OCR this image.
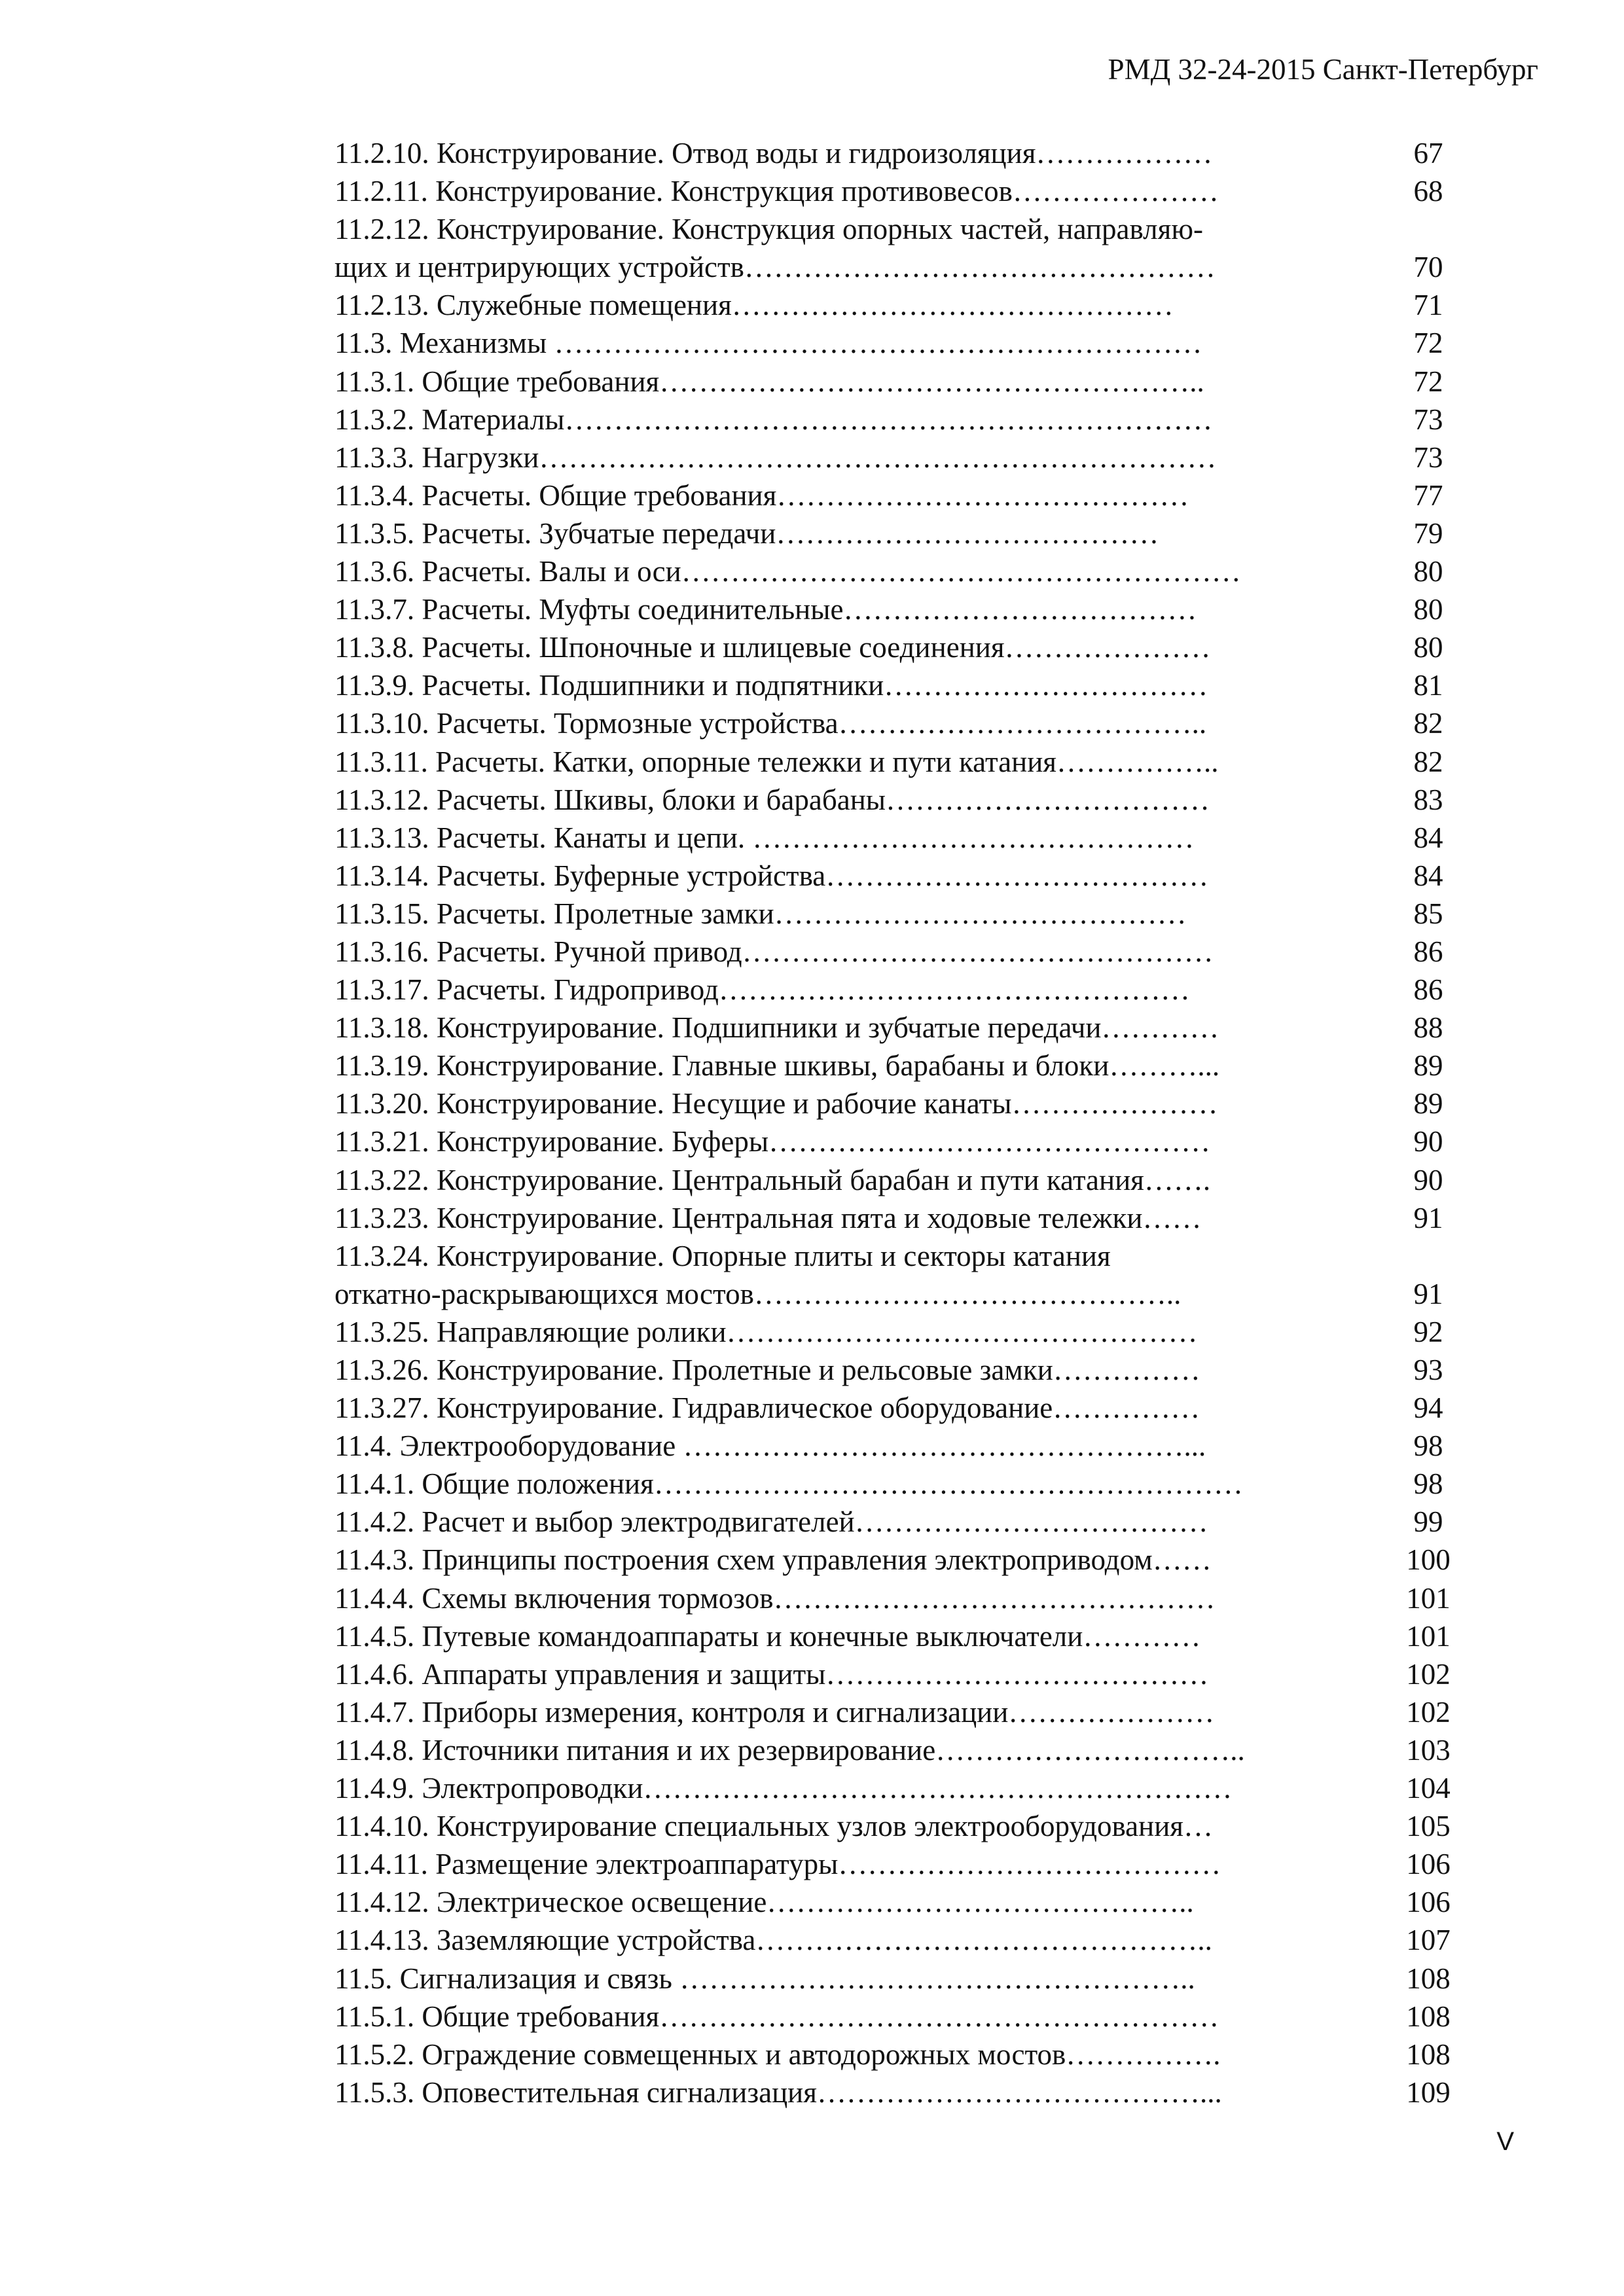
РМД 32-24-2015 Санкт-Петербург
11.2.10. Конструирование. Отвод воды и гидроизоляция………………	67
11.2.11. Конструирование. Конструкция противовесов…………………	68
11.2.12. Конструирование. Конструкция опорных частей, направляю-
щих и центрирующих устройств…………………………………………	70
11.2.13. Служебные помещения………………………………………	71
11.3. Механизмы …………………………………………………………	72
11.3.1. Общие требования………………………………………………..	72
11.3.2. Материалы…………………………………………………………	73
11.3.3. Нагрузки……………………………………………………………	73
11.3.4. Расчеты. Общие требования……………………………………	77
11.3.5. Расчеты. Зубчатые передачи…………………………………	79
11.3.6. Расчеты. Валы и оси…………………………………………………	80
11.3.7. Расчеты. Муфты соединительные………………………………	80
11.3.8. Расчеты. Шпоночные и шлицевые соединения…………………	80
11.3.9. Расчеты. Подшипники и подпятники……………………………	81
11.3.10. Расчеты. Тормозные устройства………………………………..	82
11.3.11. Расчеты. Катки, опорные тележки и пути катания……………..	82
11.3.12. Расчеты. Шкивы, блоки и барабаны……………………………	83
11.3.13. Расчеты. Канаты и цепи. ………………………………………	84
11.3.14. Расчеты. Буферные устройства…………………………………	84
11.3.15. Расчеты. Пролетные замки……………………………………	85
11.3.16. Расчеты. Ручной привод…………………………………………	86
11.3.17. Расчеты. Гидропривод…………………………………………	86
11.3.18. Конструирование. Подшипники и зубчатые передачи…………	88
11.3.19. Конструирование. Главные шкивы, барабаны и блоки………...	89
11.3.20. Конструирование. Несущие и рабочие канаты…………………	89
11.3.21. Конструирование. Буферы………………………………………	90
11.3.22. Конструирование. Центральный барабан и пути катания…….	90
11.3.23. Конструирование. Центральная пята и ходовые тележки……	91
11.3.24. Конструирование. Опорные плиты и секторы катания
откатно-раскрывающихся мостов……………………………………..	91
11.3.25. Направляющие ролики…………………………………………	92
11.3.26. Конструирование. Пролетные и рельсовые замки……………	93
11.3.27. Конструирование. Гидравлическое оборудование……………	94
11.4. Электрооборудование ……………………………………………...	98
11.4.1. Общие положения……………………………………………………	98
11.4.2. Расчет и выбор электродвигателей………………………………	99
11.4.3. Принципы построения схем управления электроприводом……	100
11.4.4. Схемы включения тормозов………………………………………	101
11.4.5. Путевые командоаппараты и конечные выключатели…………	101
11.4.6. Аппараты управления и защиты…………………………………	102
11.4.7. Приборы измерения, контроля и сигнализации…………………	102
11.4.8. Источники питания и их резервирование…………………………..	103
11.4.9. Электропроводки……………………………………………………	104
11.4.10. Конструирование специальных узлов электрооборудования…	105
11.4.11. Размещение электроаппаратуры…………………………………	106
11.4.12. Электрическое освещение……………………………………..	106
11.4.13. Заземляющие устройства………………………………………..	107
11.5. Сигнализация и связь ……………………………………………..	108
11.5.1. Общие требования…………………………………………………	108
11.5.2. Ограждение совмещенных и автодорожных мостов…………….	108
11.5.3. Оповестительная сигнализация…………………………………...	109
V
